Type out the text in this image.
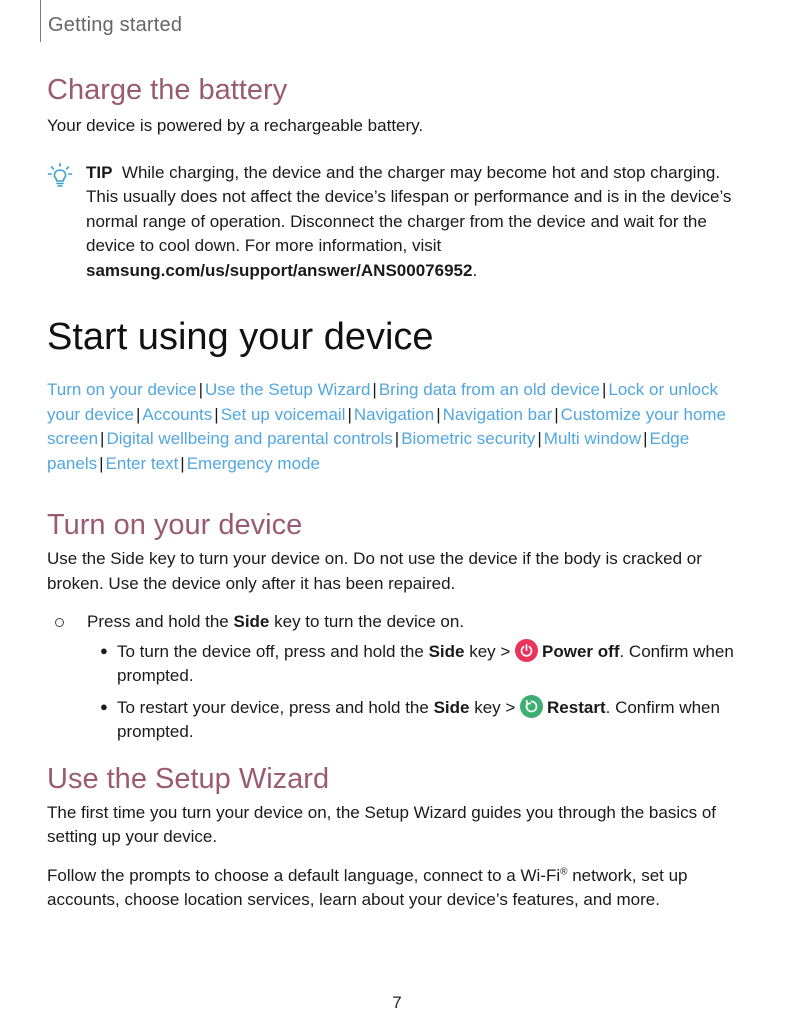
Getting started
Charge the battery

Your device is powered by a rechargeable battery.

TIP While charging, the device and the charger may become hot and stop charging. This usually does not affect the device’s lifespan or performance and is in the device’s normal range of operation. Disconnect the charger from the device and wait for the device to cool down. For more information, visit samsung.com/us/support/answer/ANS00076952.

Start using your device

Turn on your device | Use the Setup Wizard | Bring data from an old device | Lock or unlock your device | Accounts | Set up voicemail | Navigation | Navigation bar | Customize your home screen | Digital wellbeing and parental controls | Biometric security | Multi window | Edge panels | Enter text | Emergency mode

Turn on your device

Use the Side key to turn your device on. Do not use the device if the body is cracked or broken. Use the device only after it has been repaired.

Press and hold the Side key to turn the device on.
● To turn the device off, press and hold the Side key >
Power off. Confirm when prompted.
● To restart your device, press and hold the Side key >
Restart. Confirm when prompted.
Use the Setup Wizard

The first time you turn your device on, the Setup Wizard guides you through the basics of setting up your device.

Follow the prompts to choose a default language, connect to a Wi-Fi® network, set up accounts, choose location services, learn about your device’s features, and more.

7
